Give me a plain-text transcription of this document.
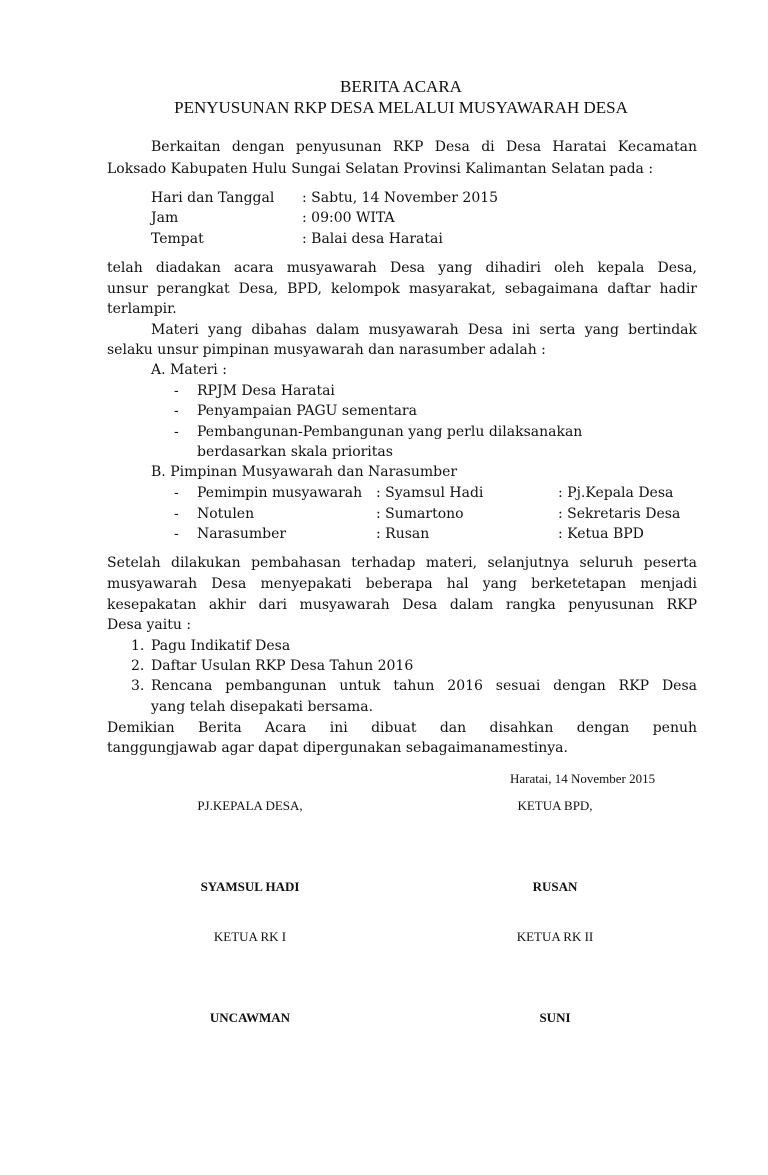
BERITA ACARA
PENYUSUNAN RKP DESA MELALUI MUSYAWARAH DESA
Berkaitan dengan penyusunan RKP Desa di Desa Haratai Kecamatan
Loksado Kabupaten Hulu Sungai Selatan Provinsi Kalimantan Selatan pada :
Hari dan Tanggal : Sabtu, 14 November 2015
Jam	: 09:00 WITA
Tempat	: Balai desa Haratai
telah diadakan acara musyawarah Desa yang dihadiri oleh kepala Desa,
unsur perangkat Desa, BPD, kelompok masyarakat, sebagaimana daftar hadir
terlampir.
Materi yang dibahas dalam musyawarah Desa ini serta yang bertindak
selaku unsur pimpinan musyawarah dan narasumber adalah :
A. Materi :
- RPJM Desa Haratai
- Penyampaian PAGU sementara
- Pembangunan-Pembangunan yang perlu dilaksanakan
berdasarkan skala prioritas
B. Pimpinan Musyawarah dan Narasumber
- Pemimpin musyawarah : Syamsul Hadi	: Pj.Kepala Desa
- Notulen	: Sumartono	: Sekretaris Desa
- Narasumber	: Rusan	: Ketua BPD
Setelah dilakukan pembahasan terhadap materi, selanjutnya seluruh peserta
musyawarah Desa menyepakati beberapa hal yang berketetapan menjadi
kesepakatan akhir dari musyawarah Desa dalam rangka penyusunan RKP
Desa yaitu :
1. Pagu Indikatif Desa
2. Daftar Usulan RKP Desa Tahun 2016
3. Rencana pembangunan untuk tahun 2016 sesuai dengan RKP Desa
yang telah disepakati bersama.
Demikian Berita Acara ini dibuat dan disahkan dengan penuh
tanggungjawab agar dapat dipergunakan sebagaimanamestinya.
Haratai, 14 November 2015
PJ.KEPALA DESA,	KETUA BPD,
SYAMSUL HADI	RUSAN
KETUA RK I	KETUA RK II
UNCAWMAN	SUNI
